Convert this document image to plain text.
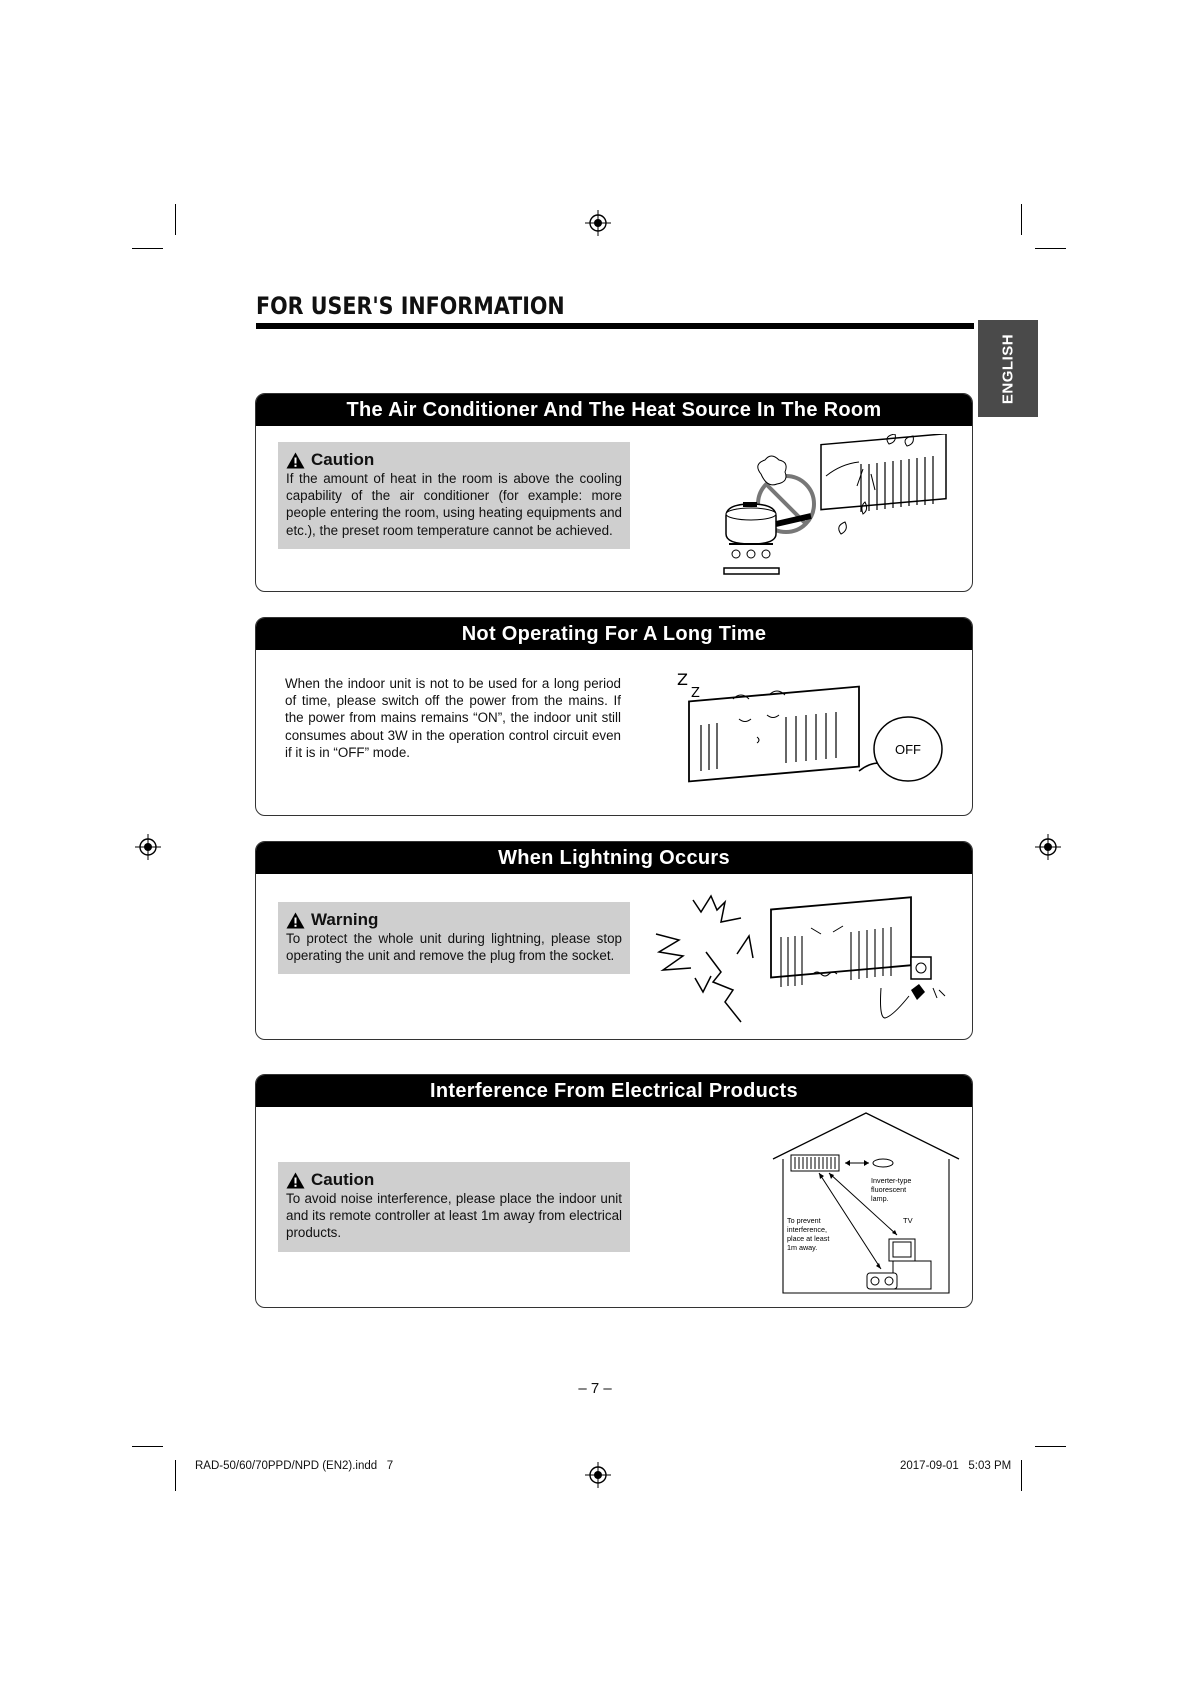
FOR USER'S INFORMATION
ENGLISH
The Air Conditioner And The Heat Source In The Room
Caution
If the amount of heat in the room is above the cooling capability of the air conditioner (for example: more people entering the room, using heating equipments and etc.), the preset room temperature cannot be achieved.
Not Operating For A Long Time
When the indoor unit is not to be used for a long period of time, please switch off the power from the mains. If the power from mains remains “ON”, the indoor unit still consumes about 3W in the operation control circuit even if it is in “OFF” mode.
Z
Z
OFF
When Lightning Occurs
Warning
To protect the whole unit during lightning, please stop operating the unit and remove the plug from the socket.
Interference From Electrical Products
Caution
To avoid noise interference, please place the indoor unit and its remote controller at least 1m away from electrical products.
Inverter-type
fluorescent
lamp.
To prevent
interference,
place at least
1m away.
TV
– 7 –
RAD-50/60/70PPD/NPD (EN2).indd   7	2017-09-01   5:03 PM
